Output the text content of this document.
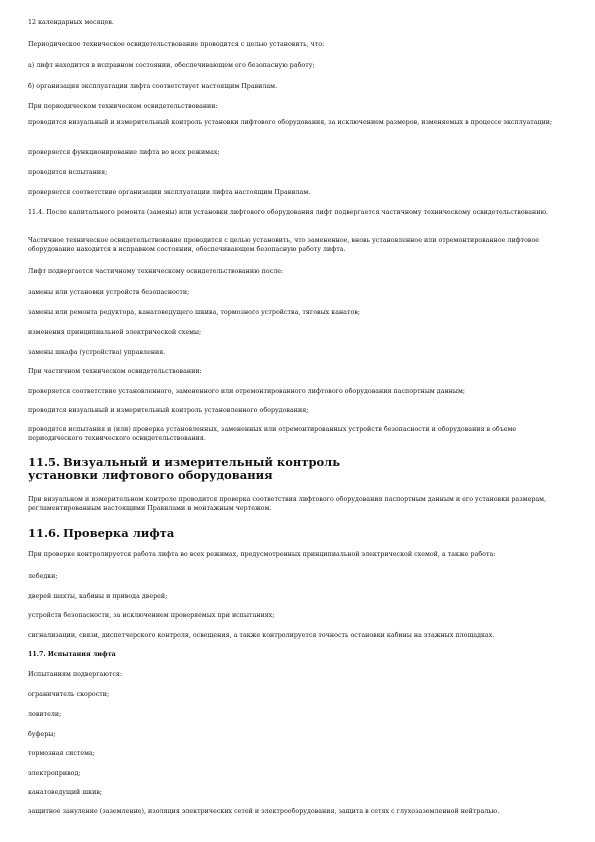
12 календарных месяцев.

Периодическое техническое освидетельствование проводится с целью установить, что:

а) лифт находится в исправном состоянии, обеспечивающем его безопасную работу;

б) организация эксплуатации лифта соответствует настоящим Правилам.

При периодическом техническом освидетельствовании:

проводится визуальный и измерительный контроль установки лифтового оборудования, за исключением размеров, изменяемых в процессе эксплуатации;

проверяется функционирование лифта во всех режимах;

проводятся испытания;

проверяется соответствие организации эксплуатации лифта настоящим Правилам.

11.4. После капитального ремонта (замены) или установки лифтового оборудования лифт подвергается частичному техническому освидетельствованию.

Частичное техническое освидетельствование проводится с целью установить, что замененное, вновь установленное или отремонтированное лифтовое оборудование находится в исправном состоянии, обеспечивающем безопасную работу лифта.

Лифт подвергается частичному техническому освидетельствованию после:

замены или установки устройств безопасности;

замены или ремонта редуктора, канатоведущего шкива, тормозного устройства, тяговых канатов;

изменения принципиальной электрической схемы;

замены шкафа (устройства) управления.

При частичном техническом освидетельствовании:

проверяется соответствие установленного, замененного или отремонтированного лифтового оборудования паспортным данным;

проводится визуальный и измерительный контроль установленного оборудования;

проводятся испытания и (или) проверка установленных, замененных или отремонтированных устройств безопасности и оборудования в объеме периодического технического освидетельствования.

11.5. Визуальный и измерительный контроль
установки лифтового оборудования

При визуальном и измерительном контроле проводится проверка соответствия лифтового оборудования паспортным данным и его установки размерам, регламентированным настоящими Правилами и монтажным чертежом.

11.6. Проверка лифта

При проверке контролируется работа лифта во всех режимах, предусмотренных принципиальной электрической схемой, а также работа:

лебедки;

дверей шахты, кабины и привода дверей;

устройств безопасности, за исключением проверяемых при испытаниях;

сигнализации, связи, диспетчерского контроля, освещения, а также контролируется точность остановки кабины на этажных площадках.

11.7. Испытания лифта

Испытаниям подвергаются:

ограничитель скорости;

ловители;

буферы;

тормозная система;

электропривод;

канатоведущий шкив;

защитное зануление (заземление), изоляция электрических сетей и электрооборудования, защита в сетях с глухозаземленной нейтралью.
